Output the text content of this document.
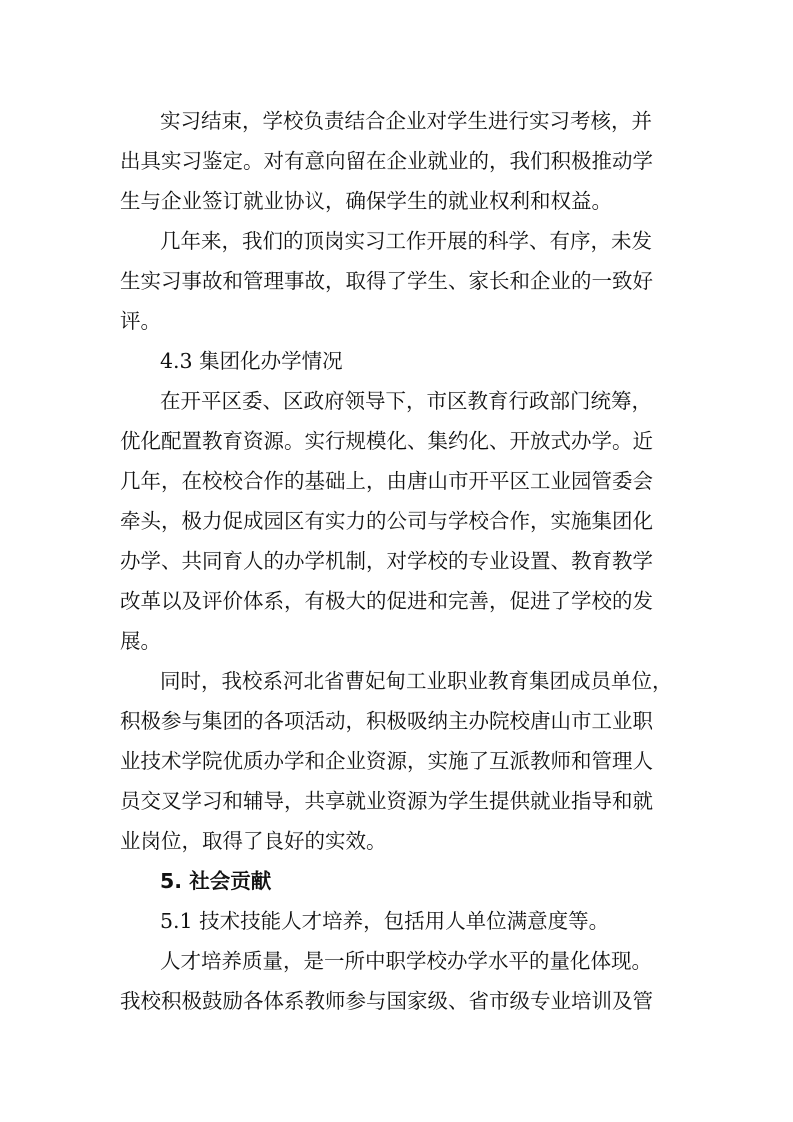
实习结束，学校负责结合企业对学生进行实习考核，并
出具实习鉴定。对有意向留在企业就业的，我们积极推动学
生与企业签订就业协议，确保学生的就业权利和权益。
几年来，我们的顶岗实习工作开展的科学、有序，未发
生实习事故和管理事故，取得了学生、家长和企业的一致好
评。
4.3 集团化办学情况
在开平区委、区政府领导下，市区教育行政部门统筹，
优化配置教育资源。实行规模化、集约化、开放式办学。近
几年，在校校合作的基础上，由唐山市开平区工业园管委会
牵头，极力促成园区有实力的公司与学校合作，实施集团化
办学、共同育人的办学机制，对学校的专业设置、教育教学
改革以及评价体系，有极大的促进和完善，促进了学校的发
展。
同时，我校系河北省曹妃甸工业职业教育集团成员单位，
积极参与集团的各项活动，积极吸纳主办院校唐山市工业职
业技术学院优质办学和企业资源，实施了互派教师和管理人
员交叉学习和辅导，共享就业资源为学生提供就业指导和就
业岗位，取得了良好的实效。
5. 社会贡献
5.1 技术技能人才培养，包括用人单位满意度等。
人才培养质量，是一所中职学校办学水平的量化体现。
我校积极鼓励各体系教师参与国家级、省市级专业培训及管
